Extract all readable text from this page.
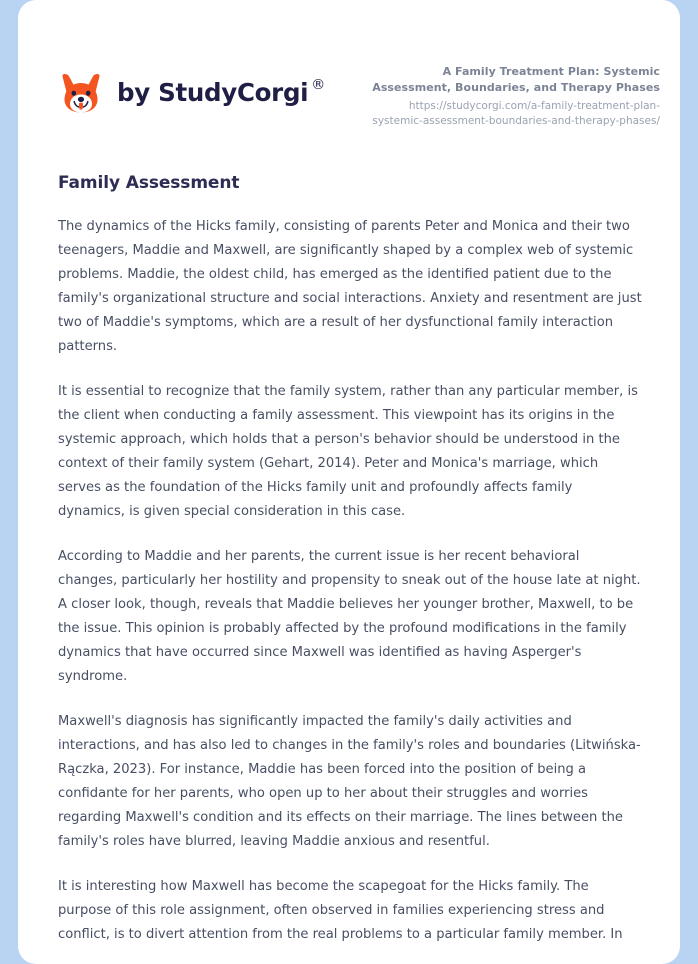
by StudyCorgi ®
A Family Treatment Plan: Systemic Assessment, Boundaries, and Therapy Phases
https://studycorgi.com/a-family-treatment-plan-systemic-assessment-boundaries-and-therapy-phases/
Family Assessment

The dynamics of the Hicks family, consisting of parents Peter and Monica and their two teenagers, Maddie and Maxwell, are significantly shaped by a complex web of systemic problems. Maddie, the oldest child, has emerged as the identified patient due to the family's organizational structure and social interactions. Anxiety and resentment are just two of Maddie's symptoms, which are a result of her dysfunctional family interaction patterns.

It is essential to recognize that the family system, rather than any particular member, is the client when conducting a family assessment. This viewpoint has its origins in the systemic approach, which holds that a person's behavior should be understood in the context of their family system (Gehart, 2014). Peter and Monica's marriage, which serves as the foundation of the Hicks family unit and profoundly affects family dynamics, is given special consideration in this case.

According to Maddie and her parents, the current issue is her recent behavioral changes, particularly her hostility and propensity to sneak out of the house late at night. A closer look, though, reveals that Maddie believes her younger brother, Maxwell, to be the issue. This opinion is probably affected by the profound modifications in the family dynamics that have occurred since Maxwell was identified as having Asperger's syndrome.

Maxwell's diagnosis has significantly impacted the family's daily activities and interactions, and has also led to changes in the family's roles and boundaries (Litwińska-Rączka, 2023). For instance, Maddie has been forced into the position of being a confidante for her parents, who open up to her about their struggles and worries regarding Maxwell's condition and its effects on their marriage. The lines between the family's roles have blurred, leaving Maddie anxious and resentful.

It is interesting how Maxwell has become the scapegoat for the Hicks family. The purpose of this role assignment, often observed in families experiencing stress and conflict, is to divert attention from the real problems to a particular family member. In
